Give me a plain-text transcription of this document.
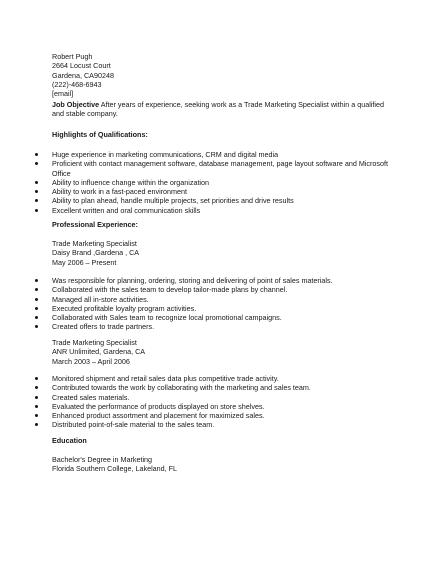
Robert Pugh
2664 Locust Court
Gardena, CA90248
(222)-468-6943
[email]
Job Objective After years of experience, seeking work as a Trade Marketing Specialist within a qualified and stable company.
Highlights of Qualifications:
Huge experience in marketing communications, CRM and digital media
Proficient with contact management software, database management, page layout software and Microsoft Office
Ability to influence change within the organization
Ability to work in a fast-paced environment
Ability to plan ahead, handle multiple projects, set priorities and drive results
Excellent written and oral communication skills
Professional Experience:
Trade Marketing Specialist
Daisy Brand ,Gardena , CA
May 2006 – Present
Was responsible for planning, ordering, storing and delivering of point of sales materials.
Collaborated with the sales team to develop tailor-made plans by channel.
Managed all in-store activities.
Executed profitable loyalty program activities.
Collaborated with Sales team to recognize local promotional campaigns.
Created offers to trade partners.
Trade Marketing Specialist
ANR Unlimited, Gardena, CA
March 2003 – April 2006
Monitored shipment and retail sales data plus competitive trade activity.
Contributed towards the work by collaborating with the marketing and sales team.
Created sales materials.
Evaluated the performance of products displayed on store shelves.
Enhanced product assortment and placement for maximized sales.
Distributed point-of-sale material to the sales team.
Education
Bachelor's Degree in Marketing
Florida Southern College, Lakeland, FL
